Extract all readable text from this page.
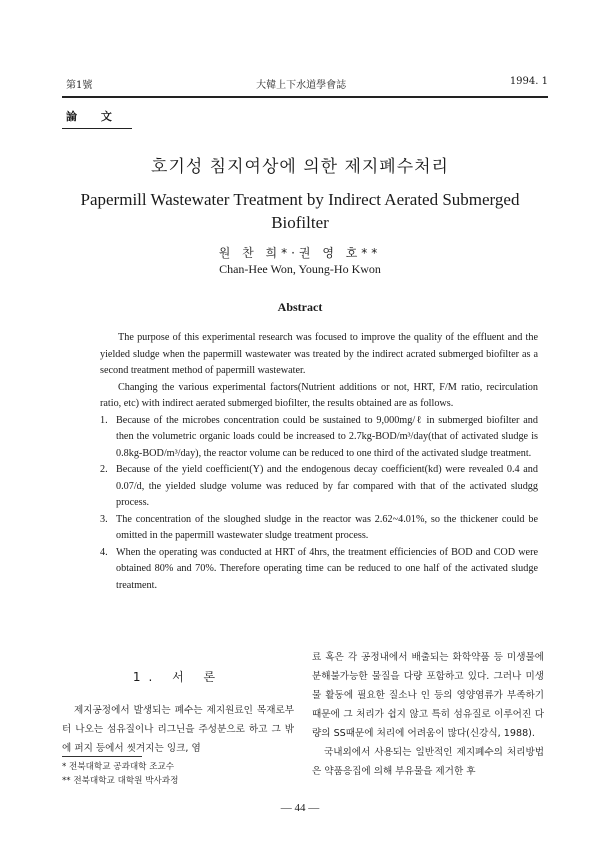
第1號	大韓上下水道學會誌	1994. 1
論 文
호기성 침지여상에 의한 제지폐수처리
Papermill Wastewater Treatment by Indirect Aerated Submerged Biofilter
원 찬 희*·권 영 호**
Chan-Hee Won, Young-Ho Kwon
Abstract

The purpose of this experimental research was focused to improve the quality of the effluent and the yielded sludge when the papermill wastewater was treated by the indirect acrated submerged biofilter as a second treatment method of papermill wastewater.

Changing the various experimental factors(Nutrient additions or not, HRT, F/M ratio, recirculation ratio, etc) with indirect aerated submerged biofilter, the results obtained are as follows.

1. Because of the microbes concentration could be sustained to 9,000mg/ℓ in submerged biofilter and then the volumetric organic loads could be increased to 2.7kg-BOD/m³/day(that of activated sludge is 0.8kg-BOD/m³/day), the reactor volume can be reduced to one third of the activated sludge treatment.
2. Because of the yield coefficient(Y) and the endogenous decay coefficient(kd) were revealed 0.4 and 0.07/d, the yielded sludge volume was reduced by far compared with that of the activated sludgg process.
3. The concentration of the sloughed sludge in the reactor was 2.62~4.01%, so the thickener could be omitted in the papermill wastewater sludge treatment process.
4. When the operating was conducted at HRT of 4hrs, the treatment efficiencies of BOD and COD were obtained 80% and 70%. Therefore operating time can be reduced to one half of the activated sludge treatment.
1. 서 론

제지공정에서 발생되는 폐수는 제지원료인 목재로부터 나오는 섬유질이나 리그닌을 주성분으로 하고 그 밖에 퍼지 등에서 씻겨지는 잉크, 염

* 전북대학교 공과대학 조교수
** 전북대학교 대학원 박사과정

료 혹은 각 공정내에서 배출되는 화학약품 등 미생물에 분해불가능한 물질을 다량 포함하고 있다. 그러나 미생물 활동에 필요한 질소나 인 등의 영양염류가 부족하기 때문에 그 처리가 쉽지 않고 특히 섬유질로 이루어진 다량의 SS때문에 처리에 어려움이 많다(신강식, 1988).

국내외에서 사용되는 일반적인 제지폐수의 처리방법은 약품응집에 의해 부유물을 제거한 후

— 44 —
